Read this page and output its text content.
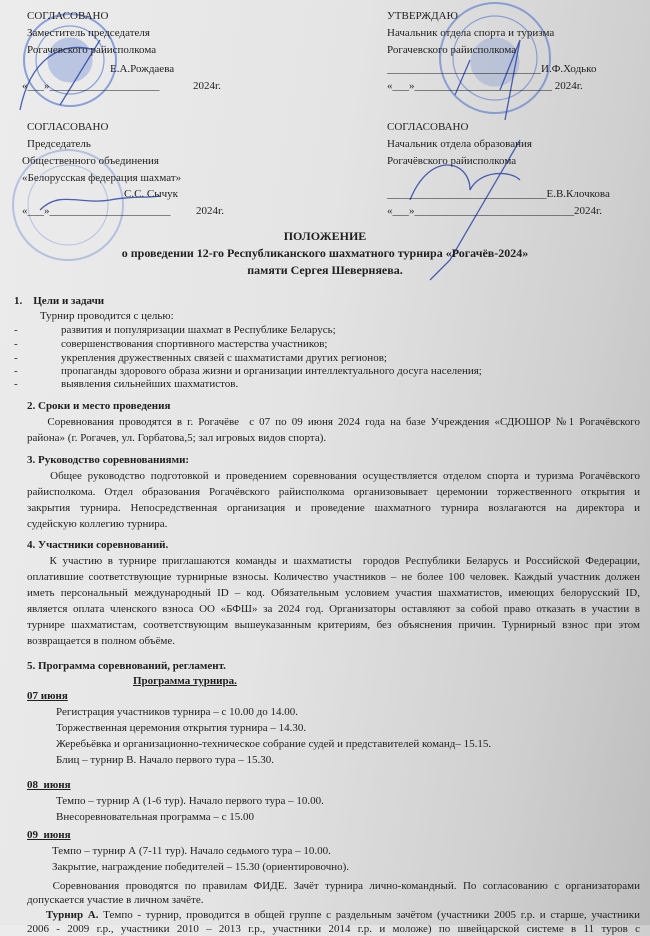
СОГЛАСОВАНО
Заместитель председателя
Рогачевского райисполкома
Е.А.Рождаева
«___»____________________	2024г.
СОГЛАСОВАНО
Председатель
Общественного объединения
«Белорусская федерация шахмат»
С.С. Сычук
«___»______________________ 2024г.
УТВЕРЖДАЮ
Начальник отдела спорта и туризма
Рогачевского райисполкома
____________________________И.Ф.Ходько
«___»_________________________ 2024г.
СОГЛАСОВАНО
Начальник отдела образования
Рогачёвского райисполкома
_____________________________Е.В.Клочкова
«___»_____________________________2024г.
ПОЛОЖЕНИЕ
о проведении 12-го Республиканского шахматного турнира «Рогачёв-2024»
памяти Сергея Шеверняева.
1.    Цели и задачи
Турнир проводится с целью:
-	развития и популяризации шахмат в Республике Беларусь;
-	совершенствования спортивного мастерства участников;
-	укрепления дружественных связей с шахматистами других регионов;
-	пропаганды здорового образа жизни и организации интеллектуального досуга населения;
-	выявления сильнейших шахматистов.
2. Сроки и место проведения
Соревнования проводятся в г. Рогачёве  с 07 по 09 июня 2024 года на базе Учреждения «СДЮШОР №1 Рогачёвского
района» (г. Рогачев, ул. Горбатова,5; зал игровых видов спорта).
3. Руководство соревнованиями:
Общее руководство подготовкой и проведением соревнования осуществляется отделом спорта и туризма Рогачёвского
райисполкома. Отдел образования Рогачёвского райисполкома организовывает церемонии торжественного открытия и
закрытия турнира. Непосредственная организация и проведение шахматного турнира возлагаются на директора и
судейскую коллегию турнира.
4. Участники соревнований.
К участию в турнире приглашаются команды и шахматисты  городов Республики Беларусь и Российской Федерации,
оплатившие соответствующие турнирные взносы. Количество участников – не более 100 человек. Каждый участник должен
иметь персональный международный ID – код. Обязательным условием участия шахматистов, имеющих белорусский ID,
является оплата членского взноса ОО «БФШ» за 2024 год. Организаторы оставляют за собой право отказать в участии в
турнире шахматистам, соответствующим вышеуказанным критериям, без объяснения причин. Турнирный взнос при этом
возвращается в полном объёме.
5. Программа соревнований, регламент.
Программа турнира.
07 июня
Регистрация участников турнира – с 10.00 до 14.00.
Торжественная церемония открытия турнира – 14.30.
Жеребьёвка и организационно-техническое собрание судей и представителей команд– 15.15.
Блиц – турнир В. Начало первого тура – 15.30.
08  июня
Темпо – турнир А (1-6 тур). Начало первого тура – 10.00.
Внесоревновательная программа – с 15.00
09  июня
Темпо – турнир А (7-11 тур). Начало седьмого тура – 10.00.
Закрытие, награждение победителей – 15.30 (ориентировочно).
Соревнования проводятся по правилам ФИДЕ. Зачёт турнира лично-командный. По согласованию с организаторами
допускается участие в личном зачёте.
Турнир А. Темпо - турнир, проводится в общей группе с раздельным зачётом (участники 2005 г.р. и старше, участники
2006  -  2009  г.р.,  участники  2010  –  2013  г.р.,  участники  2014  г.р.  и  моложе)  по  швейцарской  системе  в  11  туров  с
